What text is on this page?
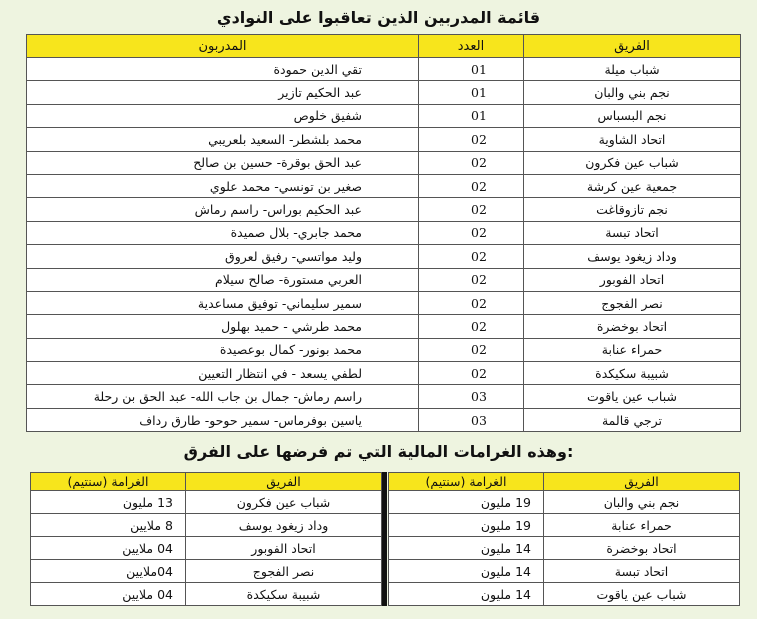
قائمة المدربين الذين تعاقبوا على النوادي
الفريق	العدد	المدربون
شباب ميلة	01	تقي الدين حمودة
نجم بني والبان	01	عبد الحكيم تازير
نجم البسباس	01	شفيق خلوص
اتحاد الشاوية	02	محمد بلشطر- السعيد بلعريبي
شباب عين فكرون	02	عبد الحق بوقرة- حسين بن صالح
جمعية عين كرشة	02	صغير بن تونسي- محمد علوي
نجم تازوقاغت	02	عبد الحكيم بوراس- راسم رماش
اتحاد تبسة	02	محمد جابري- بلال صميدة
وداد زيغود يوسف	02	وليد مواتسي- رفيق لعروق
اتحاد الفوبور	02	العربي مستورة- صالح سيلام
نصر الفجوج	02	سمير سليماني- توفيق مساعدية
اتحاد بوخضرة	02	محمد طرشي - حميد بهلول
حمراء عنابة	02	محمد بونور- كمال بوعصيدة
شبيبة سكيكدة	02	لطفي يسعد - في انتظار التعيين
شباب عين ياقوت	03	راسم رماش- جمال بن جاب الله- عبد الحق بن رحلة
ترجي قالمة	03	ياسين بوفرماس- سمير حوحو- طارق رداف
وهذه الغرامات المالية التي تم فرضها على الفرق:
الفريق	الغرامة (سنتيم)
نجم بني والبان	19 مليون
حمراء عنابة	19 مليون
اتحاد بوخضرة	14 مليون
اتحاد تبسة	14 مليون
شباب عين ياقوت	14 مليون
الفريق	الغرامة (سنتيم)
شباب عين فكرون	13 مليون
وداد زيغود يوسف	8 ملايين
اتحاد الفوبور	04 ملايين
نصر الفجوج	04ملايين
شبيبة سكيكدة	04 ملايين
